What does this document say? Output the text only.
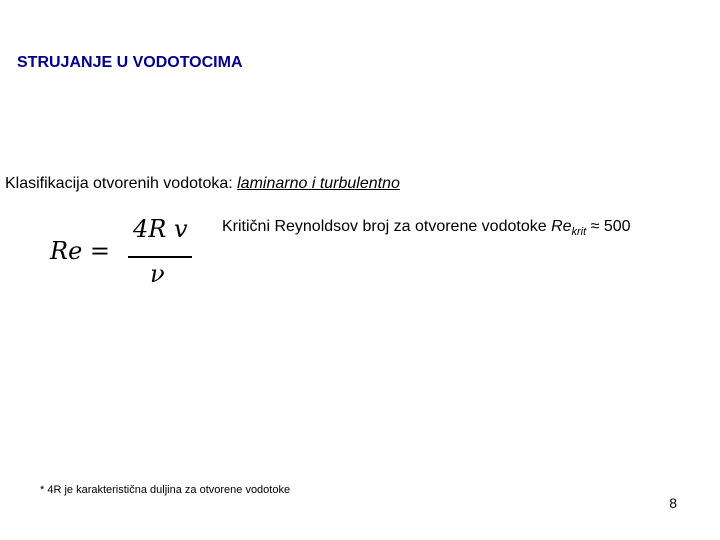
STRUJANJE U VODOTOCIMA
Klasifikacija otvorenih vodotoka: laminarno i turbulentno
Re =
4R v
ν
Kritični Reynoldsov broj za otvorene vodotoke $Re_{krit} \approx 500$
* 4R je karakteristična duljina za otvorene vodotoke
8
